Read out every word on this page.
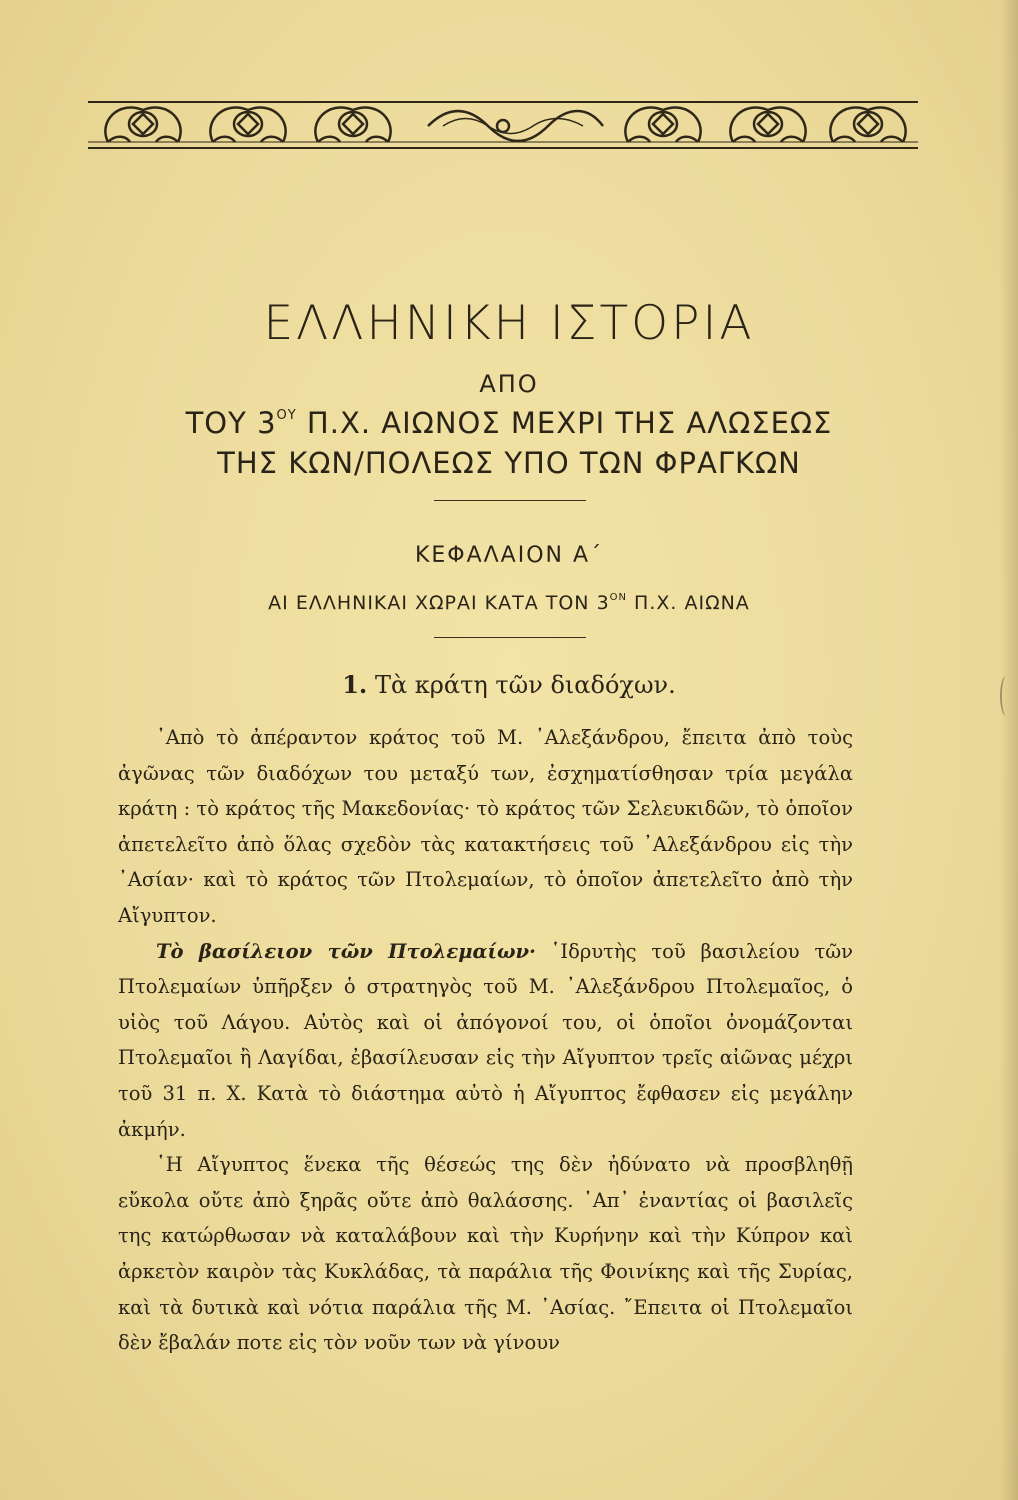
ΕΛΛΗΝΙΚΗ ΙΣΤΟΡΙΑ
ΑΠΟ
ΤΟΥ $3^{O\Upsilon}$ Π.Χ. ΑΙΩΝΟΣ ΜΕΧΡΙ ΤΗΣ ΑΛΩΣΕΩΣ
ΤΗΣ ΚΩΝ/ΠΟΛΕΩΣ ΥΠΟ ΤΩΝ ΦΡΑΓΚΩΝ
ΚΕΦΑΛΑΙΟΝ Α΄
ΑΙ ΕΛΛΗΝΙΚΑΙ ΧΩΡΑΙ ΚΑΤΑ ΤΟΝ $3^{ON}$ Π.Χ. ΑΙΩΝΑ
1. Τὰ κράτη τῶν διαδόχων.

᾿Απὸ τὸ ἀπέραντον κράτος τοῦ Μ. ᾿Αλεξάνδρου, ἔπειτα ἀπὸ τοὺς ἀγῶνας τῶν διαδόχων του μεταξύ των, ἐσχηματίσθησαν τρία μεγάλα κράτη : τὸ κράτος τῆς Μακεδονίας· τὸ κράτος τῶν Σελευκιδῶν, τὸ ὁποῖον ἀπετελεῖτο ἀπὸ ὅλας σχεδὸν τὰς κατακτήσεις τοῦ ᾿Αλεξάνδρου εἰς τὴν ᾿Ασίαν· καὶ τὸ κράτος τῶν Πτολεμαίων, τὸ ὁποῖον ἀπετελεῖτο ἀπὸ τὴν Αἴγυπτον.

Τὸ βασίλειον τῶν Πτολεμαίων· ῾Ιδρυτὴς τοῦ βασιλείου τῶν Πτολεμαίων ὑπῆρξεν ὁ στρατηγὸς τοῦ Μ. ᾿Αλεξάνδρου Πτολεμαῖος, ὁ υἱὸς τοῦ Λάγου. Αὐτὸς καὶ οἱ ἀπόγονοί του, οἱ ὁποῖοι ὀνομάζονται Πτολεμαῖοι ἢ Λαγίδαι, ἐβασίλευσαν εἰς τὴν Αἴγυπτον τρεῖς αἰῶνας μέχρι τοῦ 31 π. Χ. Κατὰ τὸ διάστημα αὐτὸ ἡ Αἴγυπτος ἔφθασεν εἰς μεγάλην ἀκμήν.

῾Η Αἴγυπτος ἕνεκα τῆς θέσεώς της δὲν ἠδύνατο νὰ προσβληθῇ εὔκολα οὔτε ἀπὸ ξηρᾶς οὔτε ἀπὸ θαλάσσης. ᾿Απ᾿ ἐναντίας οἱ βασιλεῖς της κατώρθωσαν νὰ καταλάβουν καὶ τὴν Κυρήνην καὶ τὴν Κύπρον καὶ ἀρκετὸν καιρὸν τὰς Κυκλάδας, τὰ παράλια τῆς Φοινίκης καὶ τῆς Συρίας, καὶ τὰ δυτικὰ καὶ νότια παράλια τῆς Μ. ᾿Ασίας. ῎Επειτα οἱ Πτολεμαῖοι δὲν ἔβαλάν ποτε εἰς τὸν νοῦν των νὰ γίνουν
